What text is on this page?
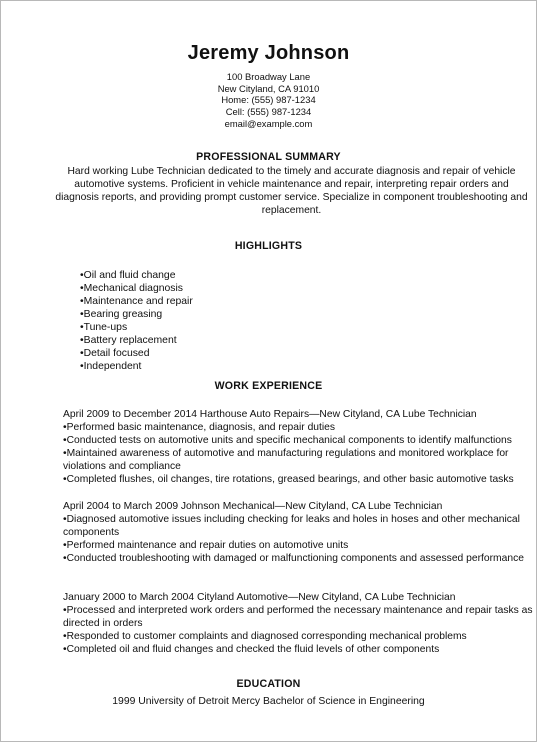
Jeremy Johnson
100 Broadway Lane
New Cityland, CA 91010
Home: (555) 987-1234
Cell: (555) 987-1234
email@example.com
PROFESSIONAL SUMMARY
Hard working Lube Technician dedicated to the timely and accurate diagnosis and repair of vehicle automotive systems. Proficient in vehicle maintenance and repair, interpreting repair orders and diagnosis reports, and providing prompt customer service. Specialize in component troubleshooting and replacement.
HIGHLIGHTS
•Oil and fluid change
•Mechanical diagnosis
•Maintenance and repair
•Bearing greasing
•Tune-ups
•Battery replacement
•Detail focused
•Independent
WORK EXPERIENCE
April 2009 to December 2014 Harthouse Auto Repairs—New Cityland, CA Lube Technician
•Performed basic maintenance, diagnosis, and repair duties
•Conducted tests on automotive units and specific mechanical components to identify malfunctions
•Maintained awareness of automotive and manufacturing regulations and monitored workplace for violations and compliance
•Completed flushes, oil changes, tire rotations, greased bearings, and other basic automotive tasks
April 2004 to March 2009 Johnson Mechanical—New Cityland, CA Lube Technician
•Diagnosed automotive issues including checking for leaks and holes in hoses and other mechanical components
•Performed maintenance and repair duties on automotive units
•Conducted troubleshooting with damaged or malfunctioning components and assessed performance
January 2000 to March 2004 Cityland Automotive—New Cityland, CA Lube Technician
•Processed and interpreted work orders and performed the necessary maintenance and repair tasks as directed in orders
•Responded to customer complaints and diagnosed corresponding mechanical problems
•Completed oil and fluid changes and checked the fluid levels of other components
EDUCATION
1999 University of Detroit Mercy Bachelor of Science in Engineering
